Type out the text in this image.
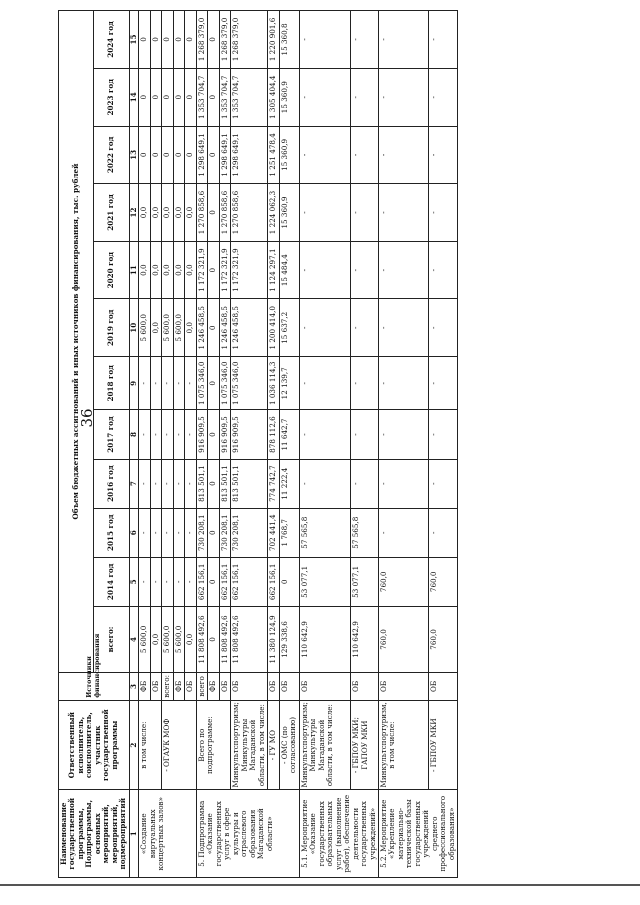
36
Наименование государственной программы, Подпрограммы, основных мероприятий, мероприятий, подмероприятий	Ответственный исполнитель, соисполнитель, участник государственной программы	Источники финансирования	Объем бюджетных ассигнований и иных источников финансирования, тыс. рублей											
			всего:	2014 год	2015 год	2016 год	2017 год	2018 год	2019 год	2020 год	2021 год	2022 год	2023 год	2024 год
1	2	3	4	5	6	7	8	9	10	11	12	13	14	15
«Создание виртуальных концертных залов»	в том числе:	ФБ	5 600,0	-	-	-	-	-	5 600,0	0,0	0,0	0	0	0
		ОБ	0,0	-	-	-	-	-	0,0	0,0	0,0	0	0	0
	- ОГАУК МОФ	всего:	5 600,0	-	-	-	-	-	5 600,0	0,0	0,0	0	0	0
		ФБ	5 600,0	-	-	-	-	-	5 600,0	0,0	0,0	0	0	0
		ОБ	0,0	-	-	-	-	-	0,0	0,0	0,0	0	0	0
5. Подпрограмма «Оказание государственных услуг в сфере культуры и отраслевого образования Магаданской области»	Всего по подпрограмме:	всего	11 808 492,6	662 156,1	730 208,1	813 501,1	916 909,5	1 075 346,0	1 246 458,5	1 172 321,9	1 270 858,6	1 298 649,1	1 353 704,7	1 268 379,0
		ФБ	0	0	0	0	0	0	0	0	0	0	0	0
		ОБ	11 808 492,6	662 156,1	730 208,1	813 501,1	916 909,5	1 075 346,0	1 246 458,5	1 172 321,9	1 270 858,6	1 298 649,1	1 353 704,7	1 268 379,0
	Минкультспортуризм; Минкультуры Магаданской области, в том числе:	ОБ	11 808 492,6	662 156,1	730 208,1	813 501,1	916 909,5	1 075 346,0	1 246 458,5	1 172 321,9	1 270 858,6	1 298 649,1	1 353 704,7	1 268 379,0
	- ГУ МО	ОБ	11 380 124,9	662 156,1	702 441,4	774 742,7	878 112,6	1 036 114,3	1 200 414,0	1 124 297,1	1 224 062,3	1 251 478,4	1 305 404,4	1 220 901,6
	- ОМС (по согласованию)	ОБ	129 338,6	0	1 768,7	11 222,4	11 642,7	12 139,7	15 637,2	15 484,4	15 360,9	15 360,9	15 360,9	15 360,8
5.1. Мероприятие «Оказание государственных образовательных услуг (выполнение работ), обеспечение деятельности государственных учреждений»	Минкультспортуризм; Минкультуры Магаданской области, в том числе:	ОБ	110 642,9	53 077,1	57 565,8	-	-	-	-	-	-	-	-	-
	- ГБПОУ МКИ; ГАПОУ МКИ	ОБ	110 642,9	53 077,1	57 565,8	-	-	-	-	-	-	-	-	-
5.2. Мероприятие «Укрепление материально-технической базы государственных учреждений среднего профессионального образования»	Минкультспортуризм, в том числе:	ОБ	760,0	760,0	-	-	-	-	-	-	-	-	-	-
	- ГБПОУ МКИ	ОБ	760,0	760,0	-	-	-	-	-	-	-	-	-	-
